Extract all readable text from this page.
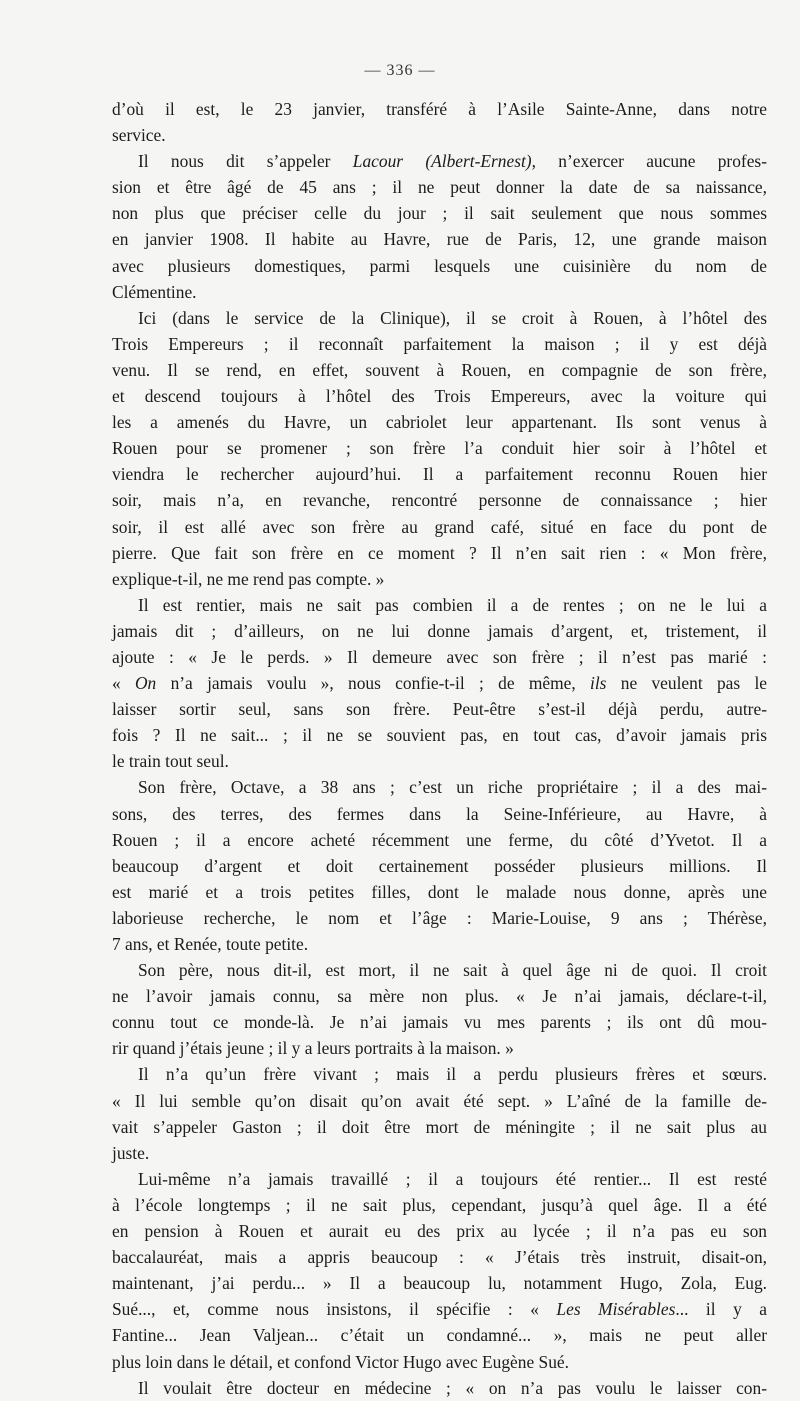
— 336 —
d’où il est, le 23 janvier, transféré à l’Asile Sainte-Anne, dans notre
service.
Il nous dit s’appeler Lacour (Albert-Ernest), n’exercer aucune profes-
sion et être âgé de 45 ans ; il ne peut donner la date de sa naissance,
non plus que préciser celle du jour ; il sait seulement que nous sommes
en janvier 1908. Il habite au Havre, rue de Paris, 12, une grande maison
avec plusieurs domestiques, parmi lesquels une cuisinière du nom de
Clémentine.
Ici (dans le service de la Clinique), il se croit à Rouen, à l’hôtel des
Trois Empereurs ; il reconnaît parfaitement la maison ; il y est déjà
venu. Il se rend, en effet, souvent à Rouen, en compagnie de son frère,
et descend toujours à l’hôtel des Trois Empereurs, avec la voiture qui
les a amenés du Havre, un cabriolet leur appartenant. Ils sont venus à
Rouen pour se promener ; son frère l’a conduit hier soir à l’hôtel et
viendra le rechercher aujourd’hui. Il a parfaitement reconnu Rouen hier
soir, mais n’a, en revanche, rencontré personne de connaissance ; hier
soir, il est allé avec son frère au grand café, situé en face du pont de
pierre. Que fait son frère en ce moment ? Il n’en sait rien : « Mon frère,
explique-t-il, ne me rend pas compte. »
Il est rentier, mais ne sait pas combien il a de rentes ; on ne le lui a
jamais dit ; d’ailleurs, on ne lui donne jamais d’argent, et, tristement, il
ajoute : « Je le perds. » Il demeure avec son frère ; il n’est pas marié :
« On n’a jamais voulu », nous confie-t-il ; de même, ils ne veulent pas le
laisser sortir seul, sans son frère. Peut-être s’est-il déjà perdu, autre-
fois ? Il ne sait... ; il ne se souvient pas, en tout cas, d’avoir jamais pris
le train tout seul.
Son frère, Octave, a 38 ans ; c’est un riche propriétaire ; il a des mai-
sons, des terres, des fermes dans la Seine-Inférieure, au Havre, à
Rouen ; il a encore acheté récemment une ferme, du côté d’Yvetot. Il a
beaucoup d’argent et doit certainement posséder plusieurs millions. Il
est marié et a trois petites filles, dont le malade nous donne, après une
laborieuse recherche, le nom et l’âge : Marie-Louise, 9 ans ; Thérèse,
7 ans, et Renée, toute petite.
Son père, nous dit-il, est mort, il ne sait à quel âge ni de quoi. Il croit
ne l’avoir jamais connu, sa mère non plus. « Je n’ai jamais, déclare-t-il,
connu tout ce monde-là. Je n’ai jamais vu mes parents ; ils ont dû mou-
rir quand j’étais jeune ; il y a leurs portraits à la maison. »
Il n’a qu’un frère vivant ; mais il a perdu plusieurs frères et sœurs.
« Il lui semble qu’on disait qu’on avait été sept. » L’aîné de la famille de-
vait s’appeler Gaston ; il doit être mort de méningite ; il ne sait plus au
juste.
Lui-même n’a jamais travaillé ; il a toujours été rentier... Il est resté
à l’école longtemps ; il ne sait plus, cependant, jusqu’à quel âge. Il a été
en pension à Rouen et aurait eu des prix au lycée ; il n’a pas eu son
baccalauréat, mais a appris beaucoup : « J’étais très instruit, disait-on,
maintenant, j’ai perdu... » Il a beaucoup lu, notamment Hugo, Zola, Eug.
Sué..., et, comme nous insistons, il spécifie : « Les Misérables... il y a
Fantine... Jean Valjean... c’était un condamné... », mais ne peut aller
plus loin dans le détail, et confond Victor Hugo avec Eugène Sué.
Il voulait être docteur en médecine ; « on n’a pas voulu le laisser con-
